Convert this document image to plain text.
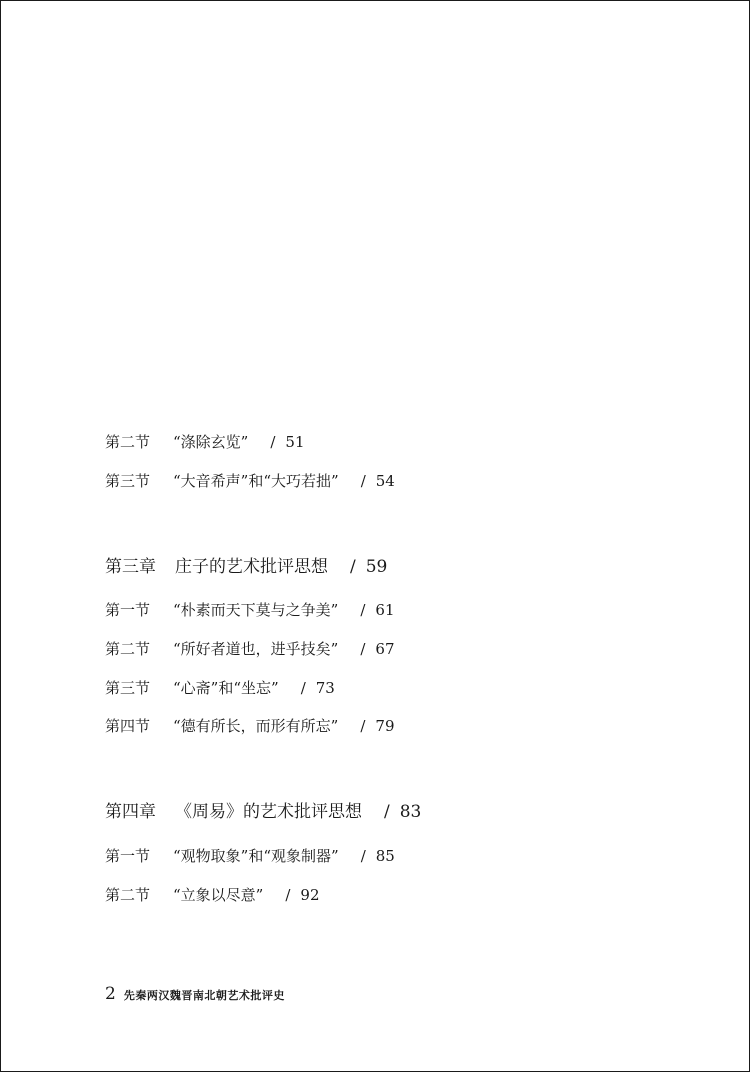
第二节 “涤除玄览” / 51
第三节 “大音希声”和“大巧若拙” / 54
第三章 庄子的艺术批评思想 / 59
第一节 “朴素而天下莫与之争美” / 61
第二节 “所好者道也，进乎技矣” / 67
第三节 “心斋”和“坐忘” / 73
第四节 “德有所长，而形有所忘” / 79
第四章 《周易》的艺术批评思想 / 83
第一节 “观物取象”和“观象制器” / 85
第二节 “立象以尽意” / 92
2 先秦两汉魏晋南北朝艺术批评史
